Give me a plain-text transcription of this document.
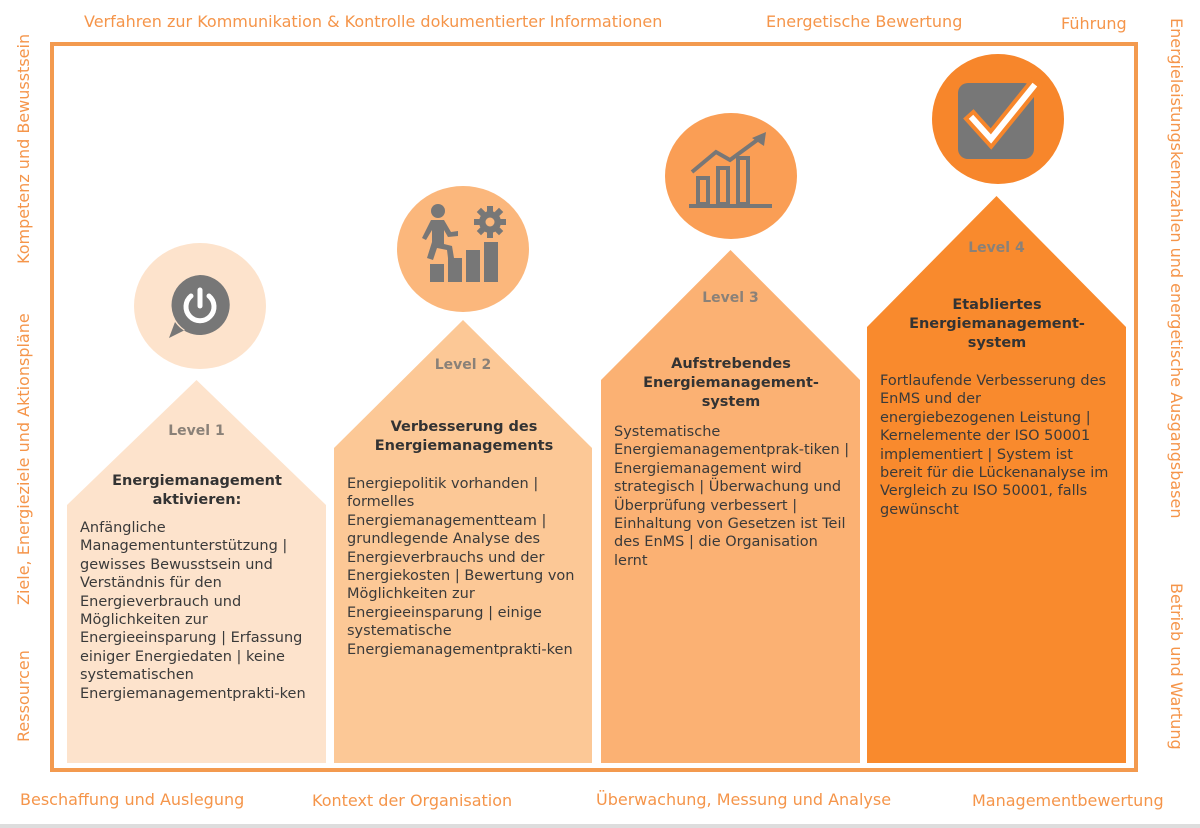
Verfahren zur Kommunikation & Kontrolle dokumentierter Informationen	Energetische Bewertung	Führung
Beschaffung und Auslegung	Kontext der Organisation	Überwachung, Messung und Analyse	Managementbewertung
Ressourcen
Ziele, Energieziele und Aktionspläne
Kompetenz und Bewusstsein	Energieleistungskennzahlen und energetische Ausgangsbasen
Betrieb und Wartung
Level 1
Energiemanagement aktivieren:
Anfängliche Managementunterstützung | gewisses Bewusstsein und Verständnis für den Energieverbrauch und Möglichkeiten zur Energieeinsparung | Erfassung einiger Energiedaten | keine systematischen Energiemanagementprakti-ken
Level 2
Verbesserung des Energiemanagements
Energiepolitik vorhanden | formelles Energiemanagementteam | grundlegende Analyse des Energieverbrauchs und der Energiekosten | Bewertung von Möglichkeiten zur Energieeinsparung | einige systematische Energiemanagementprakti-ken
Level 3
Aufstrebendes Energiemanagement-system
Systematische Energiemanagementprak-tiken | Energiemanagement wird strategisch | Überwachung und Überprüfung verbessert | Einhaltung von Gesetzen ist Teil des EnMS | die Organisation lernt
Level 4
Etabliertes Energiemanagement-system
Fortlaufende Verbesserung des EnMS und der energiebezogenen Leistung | Kernelemente der ISO 50001 implementiert | System ist bereit für die Lückenanalyse im Vergleich zu ISO 50001, falls gewünscht
